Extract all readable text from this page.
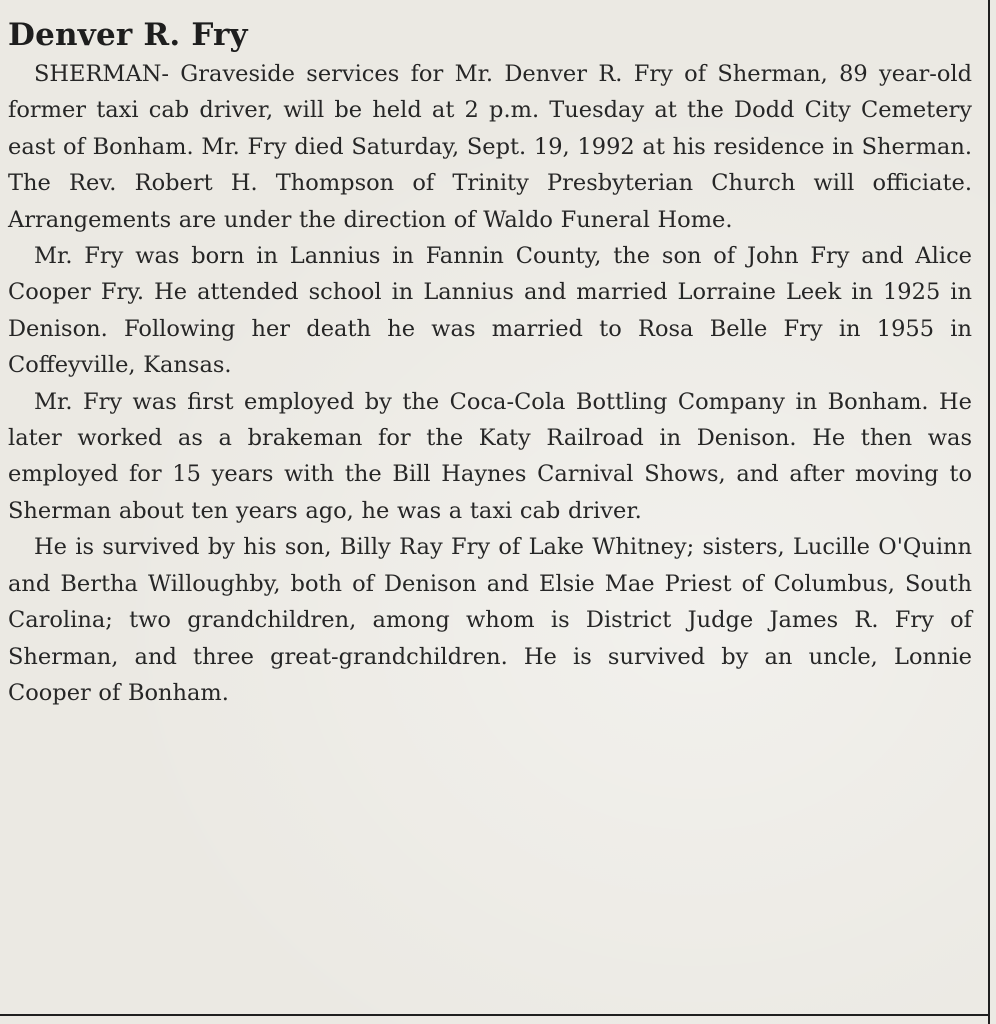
Denver R. Fry

SHERMAN- Graveside services for Mr. Denver R. Fry of Sherman, 89 year-old former taxi cab driver, will be held at 2 p.m. Tuesday at the Dodd City Cemetery east of Bonham. Mr. Fry died Saturday, Sept. 19, 1992 at his residence in Sherman. The Rev. Robert H. Thompson of Trinity Presbyterian Church will officiate. Arrangements are under the direction of Waldo Funeral Home.

Mr. Fry was born in Lannius in Fannin County, the son of John Fry and Alice Cooper Fry. He attended school in Lannius and married Lorraine Leek in 1925 in Denison. Following her death he was married to Rosa Belle Fry in 1955 in Coffeyville, Kansas.

Mr. Fry was first employed by the Coca-Cola Bottling Company in Bonham. He later worked as a brakeman for the Katy Railroad in Denison. He then was employed for 15 years with the Bill Haynes Carnival Shows, and after moving to Sherman about ten years ago, he was a taxi cab driver.

He is survived by his son, Billy Ray Fry of Lake Whitney; sisters, Lucille O'Quinn and Bertha Willoughby, both of Denison and Elsie Mae Priest of Columbus, South Carolina; two grandchildren, among whom is District Judge James R. Fry of Sherman, and three great-grandchildren. He is survived by an uncle, Lonnie Cooper of Bonham.
